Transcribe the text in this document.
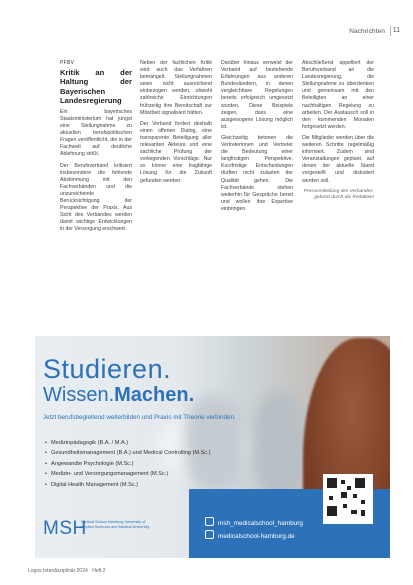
Nachrichten 11
PFBV
Kritik an der Haltung der Bayerischen Landesregierung

Ein bayerisches Staatsministerium hat jüngst eine Stellungnahme zu aktuellen berufspolitischen Fragen veröffentlicht, die in der Fachwelt auf deutliche Ablehnung stößt.

Der Berufsverband kritisiert insbesondere die fehlende Abstimmung mit den Fachverbänden und die unzureichende Berücksichtigung der Perspektive der Praxis. Aus Sicht des Verbandes werden damit wichtige Entwicklungen in der Versorgung erschwert.

Neben der fachlichen Kritik wird auch das Verfahren bemängelt. Stellungnahmen seien nicht ausreichend einbezogen worden, obwohl zahlreiche Einrichtungen frühzeitig ihre Bereitschaft zur Mitarbeit signalisiert hätten.

Der Verband fordert deshalb einen offenen Dialog, eine transparente Beteiligung aller relevanten Akteure und eine sachliche Prüfung der vorliegenden Vorschläge. Nur so könne eine tragfähige Lösung für die Zukunft gefunden werden.

Darüber hinaus verweist der Verband auf bestehende Erfahrungen aus anderen Bundesländern, in denen vergleichbare Regelungen bereits erfolgreich umgesetzt wurden. Diese Beispiele zeigen, dass eine ausgewogene Lösung möglich ist.

Gleichzeitig betonen die Vertreterinnen und Vertreter die Bedeutung einer langfristigen Perspektive. Kurzfristige Entscheidungen dürften nicht zulasten der Qualität gehen. Die Fachverbände stehen weiterhin für Gespräche bereit und wollen ihre Expertise einbringen.

Abschließend appelliert der Berufsverband an die Landesregierung, die Stellungnahme zu überdenken und gemeinsam mit den Beteiligten an einer nachhaltigen Regelung zu arbeiten. Der Austausch soll in den kommenden Monaten fortgesetzt werden.

Die Mitglieder werden über die weiteren Schritte regelmäßig informiert. Zudem sind Veranstaltungen geplant, auf denen der aktuelle Stand vorgestellt und diskutiert werden soll.

Pressemitteilung des Verbandes, gekürzt durch die Redaktion
Studieren.
Wissen.Machen.
Jetzt berufsbegleitend weiterbilden und Praxis mit Theorie verbinden.
• Medizinpädagogik (B.A. / M.A.)
• Gesundheitsmanagement (B.A.) und Medical Controlling (M.Sc.)
• Angewandte Psychologie (M.Sc.)
• Medizin- und Versorgungsmanagement (M.Sc.)
• Digital Health Management (M.Sc.)
MSH
Medical School Hamburg University of Applied Sciences and Medical University	msh_medicalschool_hamburg
medicalschool-hamburg.de
Logos Interdisziplinär 2024 · Heft 2
